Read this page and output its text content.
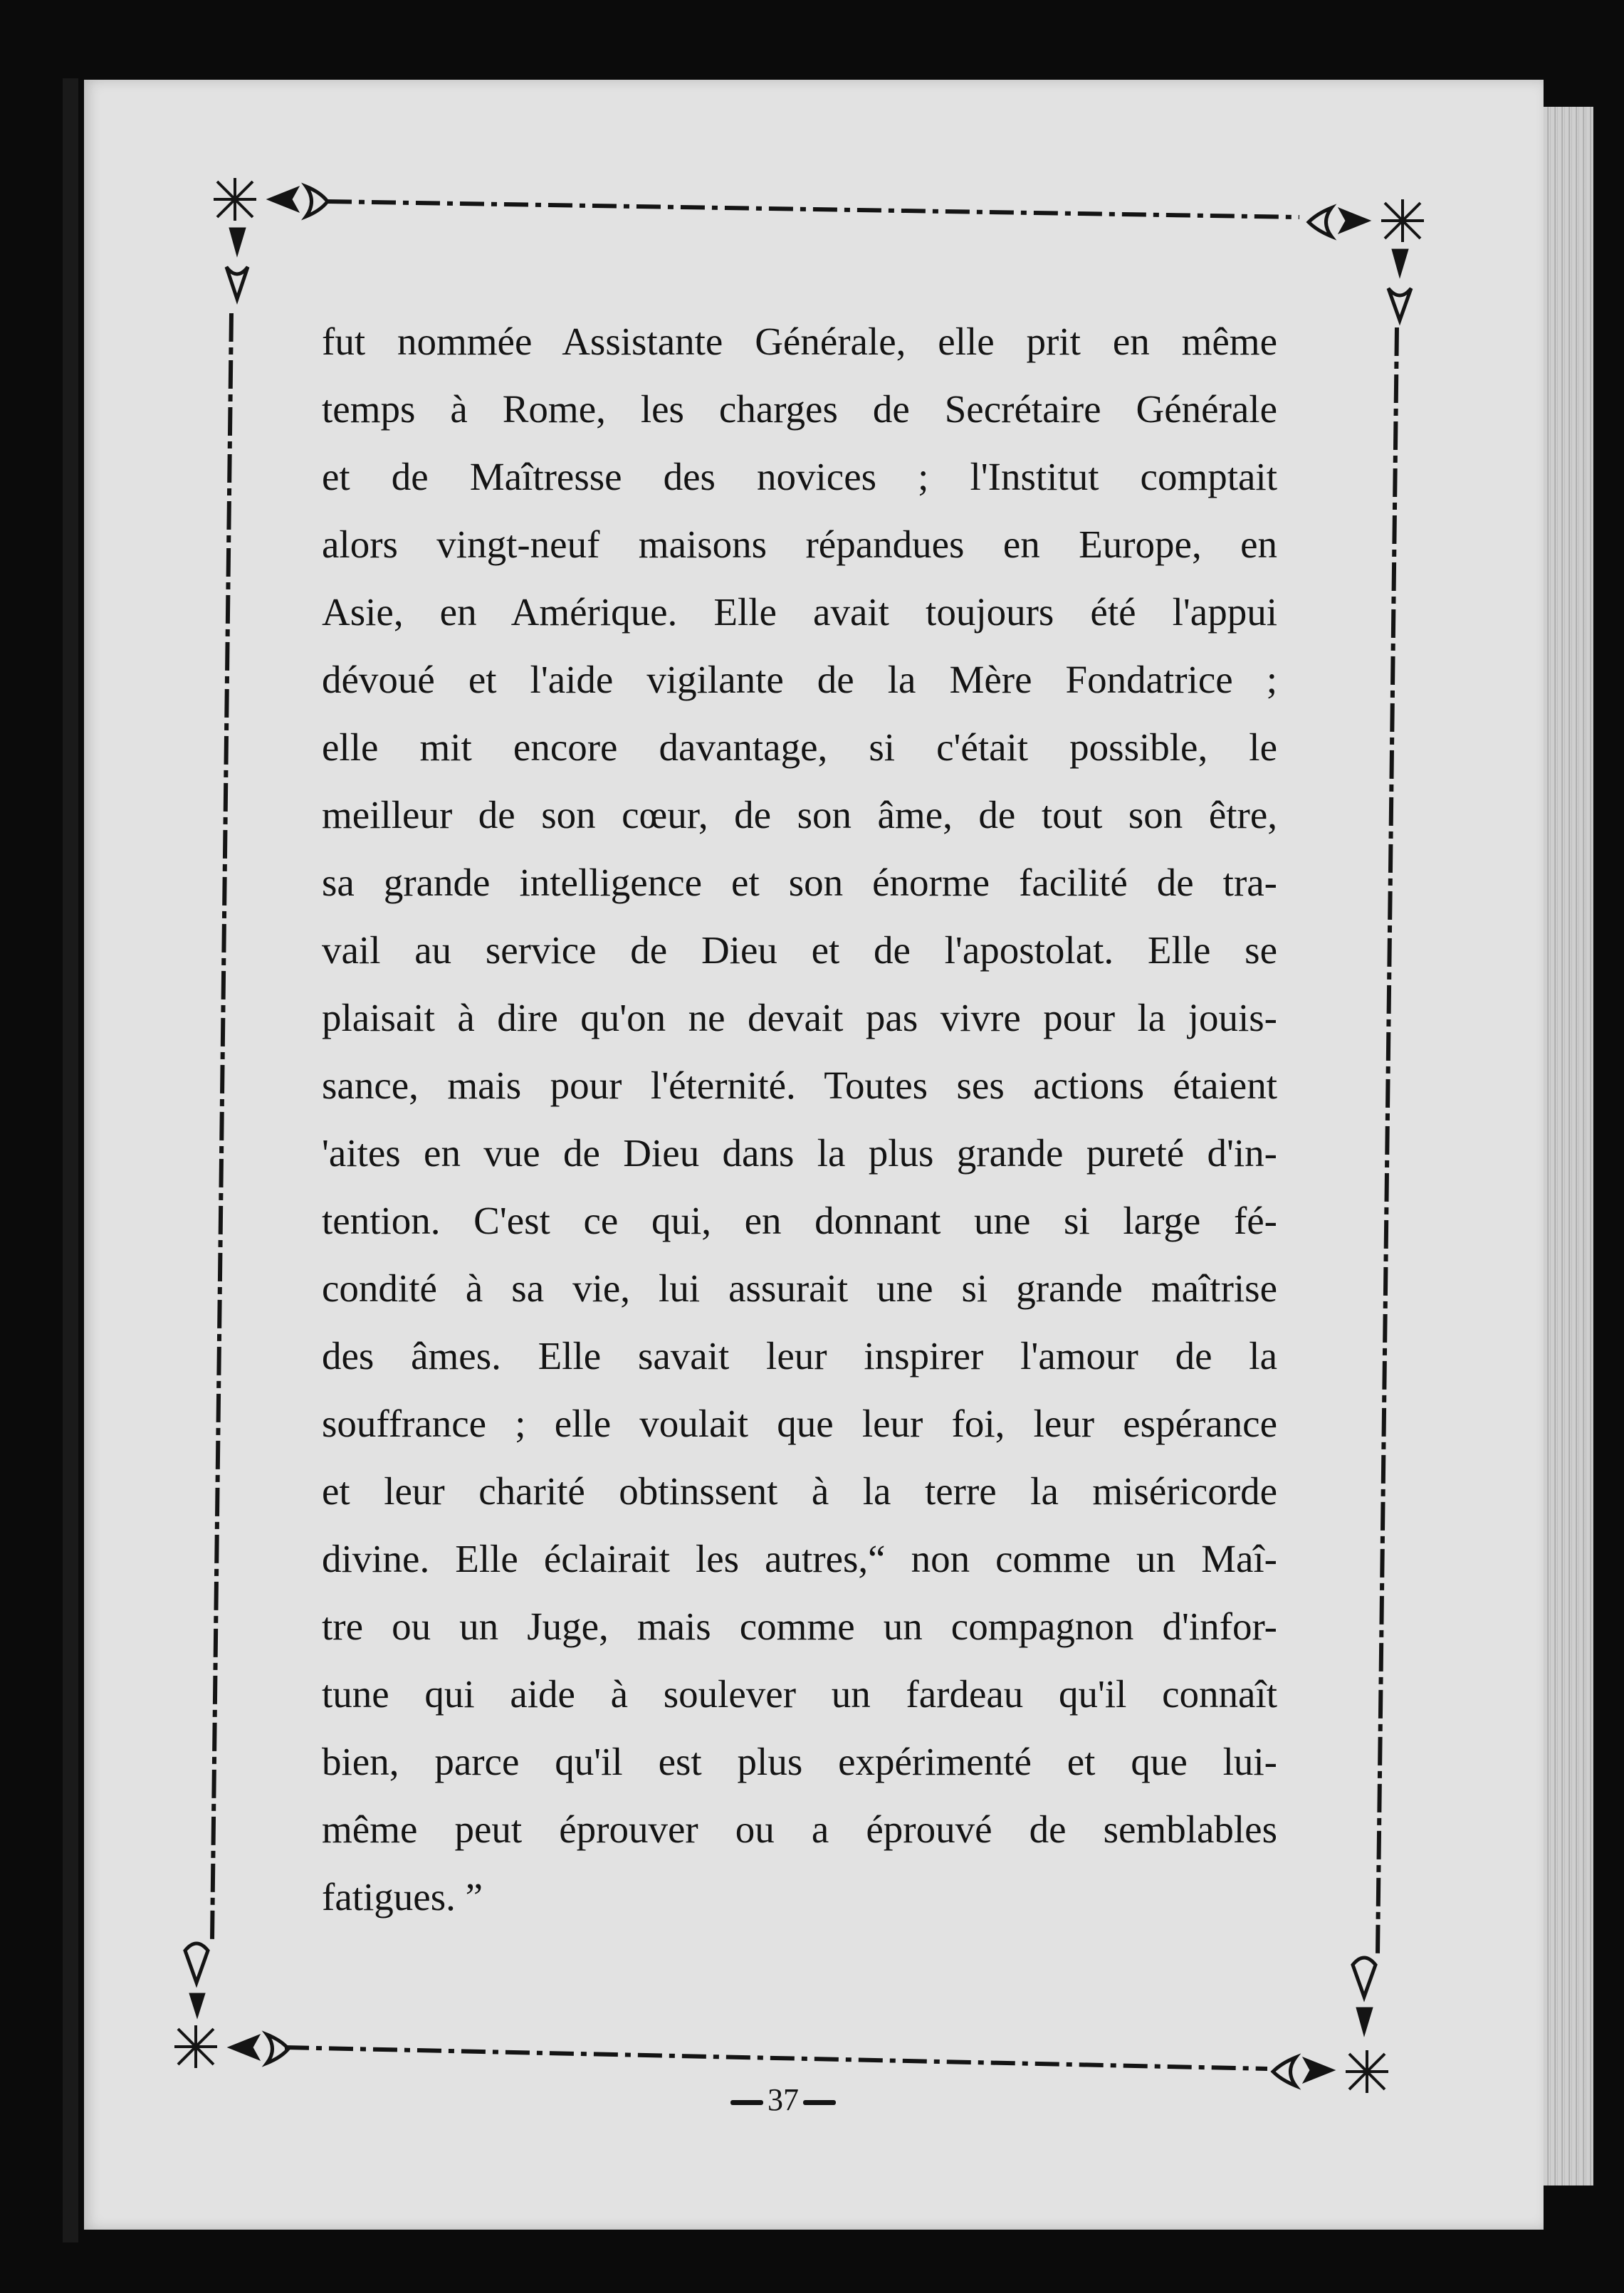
fut nommée Assistante Générale, elle prit en même
temps à Rome, les charges de Secrétaire Générale
et de Maîtresse des novices ; l'Institut comptait
alors vingt-neuf maisons répandues en Europe, en
Asie, en Amérique. Elle avait toujours été l'appui
dévoué et l'aide vigilante de la Mère Fondatrice ;
elle mit encore davantage, si c'était possible, le
meilleur de son cœur, de son âme, de tout son être,
sa grande intelligence et son énorme facilité de tra-
vail au service de Dieu et de l'apostolat. Elle se
plaisait à dire qu'on ne devait pas vivre pour la jouis-
sance, mais pour l'éternité. Toutes ses actions étaient
'aites en vue de Dieu dans la plus grande pureté d'in-
tention. C'est ce qui, en donnant une si large fé-
condité à sa vie, lui assurait une si grande maîtrise
des âmes. Elle savait leur inspirer l'amour de la
souffrance ; elle voulait que leur foi, leur espérance
et leur charité obtinssent à la terre la miséricorde
divine. Elle éclairait les autres,“ non comme un Maî-
tre ou un Juge, mais comme un compagnon d'infor-
tune qui aide à soulever un fardeau qu'il connaît
bien, parce qu'il est plus expérimenté et que lui-
même peut éprouver ou a éprouvé de semblables
fatigues. ”
37
